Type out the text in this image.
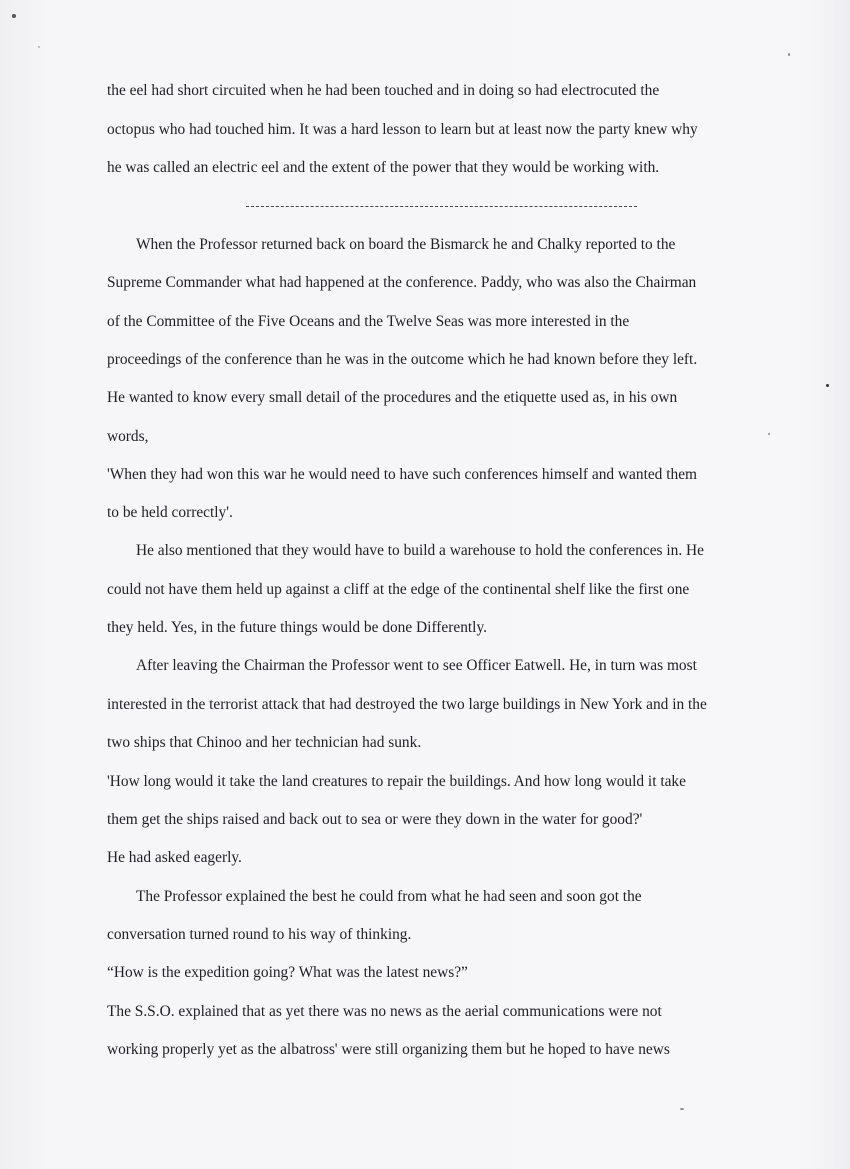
the eel had short circuited when he had been touched and in doing so had electrocuted the

octopus who had touched him. It was a hard lesson to learn but at least now the party knew why

he was called an electric eel and the extent of the power that they would be working with.

When the Professor returned back on board the Bismarck he and Chalky reported to the

Supreme Commander what had happened at the conference. Paddy, who was also the Chairman

of the Committee of the Five Oceans and the Twelve Seas was more interested in the

proceedings of the conference than he was in the outcome which he had known before they left.

He wanted to know every small detail of the procedures and the etiquette used as, in his own

words,

'When they had won this war he would need to have such conferences himself and wanted them

to be held correctly'.

He also mentioned that they would have to build a warehouse to hold the conferences in. He

could not have them held up against a cliff at the edge of the continental shelf like the first one

they held. Yes, in the future things would be done Differently.

After leaving the Chairman the Professor went to see Officer Eatwell. He, in turn was most

interested in the terrorist attack that had destroyed the two large buildings in New York and in the

two ships that Chinoo and her technician had sunk.

'How long would it take the land creatures to repair the buildings. And how long would it take

them get the ships raised and back out to sea or were they down in the water for good?'

He had asked eagerly.

The Professor explained the best he could from what he had seen and soon got the

conversation turned round to his way of thinking.

“How is the expedition going? What was the latest news?”

The S.S.O. explained that as yet there was no news as the aerial communications were not

working properly yet as the albatross' were still organizing them but he hoped to have news
